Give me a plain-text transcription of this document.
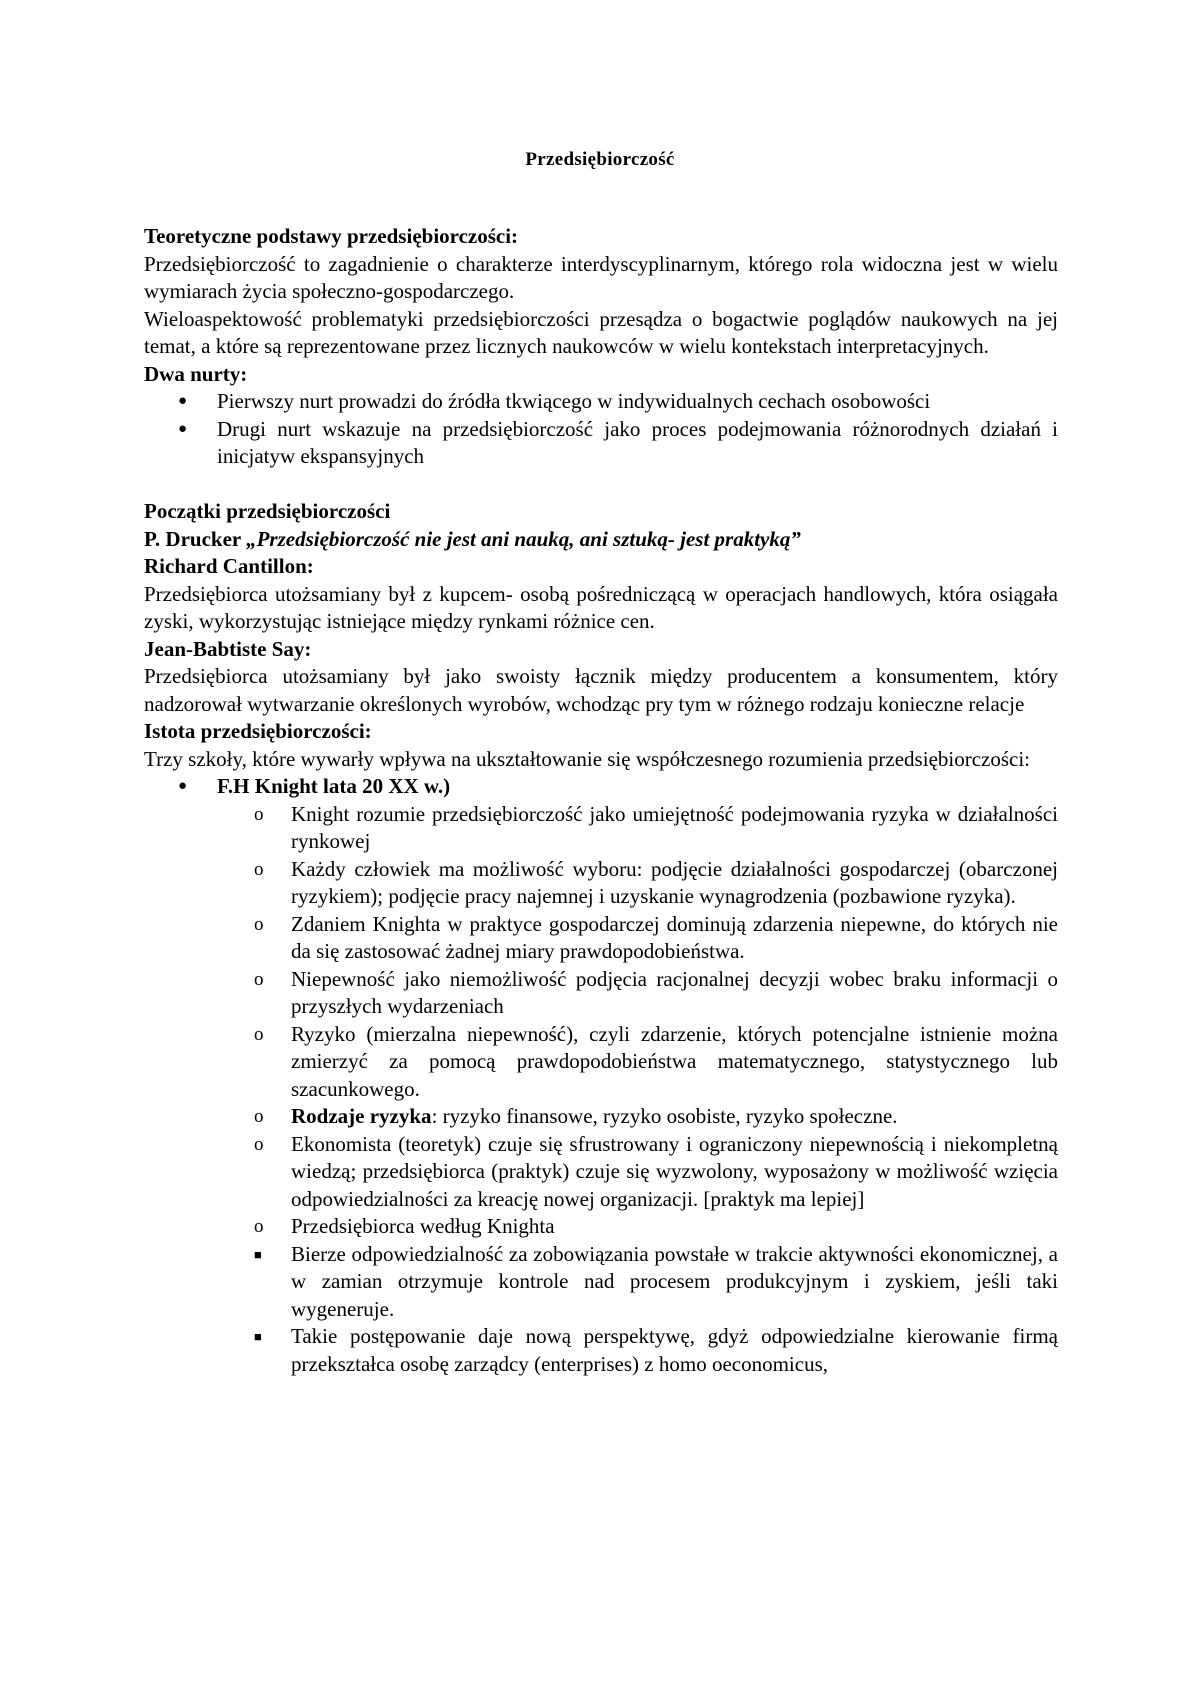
Przedsiębiorczość

Teoretyczne podstawy przedsiębiorczości:

Przedsiębiorczość to zagadnienie o charakterze interdyscyplinarnym, którego rola widoczna jest w wielu wymiarach życia społeczno-gospodarczego.

Wieloaspektowość problematyki przedsiębiorczości przesądza o bogactwie poglądów naukowych na jej temat, a które są reprezentowane przez licznych naukowców w wielu kontekstach interpretacyjnych.

Dwa nurty:

● Pierwszy nurt prowadzi do źródła tkwiącego w indywidualnych cechach osobowości
● Drugi nurt wskazuje na przedsiębiorczość jako proces podejmowania różnorodnych działań i inicjatyw ekspansyjnych

Początki przedsiębiorczości

P. Drucker „Przedsiębiorczość nie jest ani nauką, ani sztuką- jest praktyką”

Richard Cantillon:

Przedsiębiorca utożsamiany był z kupcem- osobą pośredniczącą w operacjach handlowych, która osiągała zyski, wykorzystując istniejące między rynkami różnice cen.

Jean-Babtiste Say:

Przedsiębiorca utożsamiany był jako swoisty łącznik między producentem a konsumentem, który nadzorował wytwarzanie określonych wyrobów, wchodząc pry tym w różnego rodzaju konieczne relacje

Istota przedsiębiorczości:

Trzy szkoły, które wywarły wpływa na ukształtowanie się współczesnego rozumienia przedsiębiorczości:

● F.H Knight lata 20 XX w.)
o Knight rozumie przedsiębiorczość jako umiejętność podejmowania ryzyka w działalności rynkowej
o Każdy człowiek ma możliwość wyboru: podjęcie działalności gospodarczej (obarczonej ryzykiem); podjęcie pracy najemnej i uzyskanie wynagrodzenia (pozbawione ryzyka).
o Zdaniem Knighta w praktyce gospodarczej dominują zdarzenia niepewne, do których nie da się zastosować żadnej miary prawdopodobieństwa.
o Niepewność jako niemożliwość podjęcia racjonalnej decyzji wobec braku informacji o przyszłych wydarzeniach
o Ryzyko (mierzalna niepewność), czyli zdarzenie, których potencjalne istnienie można zmierzyć za pomocą prawdopodobieństwa matematycznego, statystycznego lub szacunkowego.
o Rodzaje ryzyka: ryzyko finansowe, ryzyko osobiste, ryzyko społeczne.
o Ekonomista (teoretyk) czuje się sfrustrowany i ograniczony niepewnością i niekompletną wiedzą; przedsiębiorca (praktyk) czuje się wyzwolony, wyposażony w możliwość wzięcia odpowiedzialności za kreację nowej organizacji. [praktyk ma lepiej]
o Przedsiębiorca według Knighta
■ Bierze odpowiedzialność za zobowiązania powstałe w trakcie aktywności ekonomicznej, a w zamian otrzymuje kontrole nad procesem produkcyjnym i zyskiem, jeśli taki wygeneruje.
■ Takie postępowanie daje nową perspektywę, gdyż odpowiedzialne kierowanie firmą przekształca osobę zarządcy (enterprises) z homo oeconomicus,
